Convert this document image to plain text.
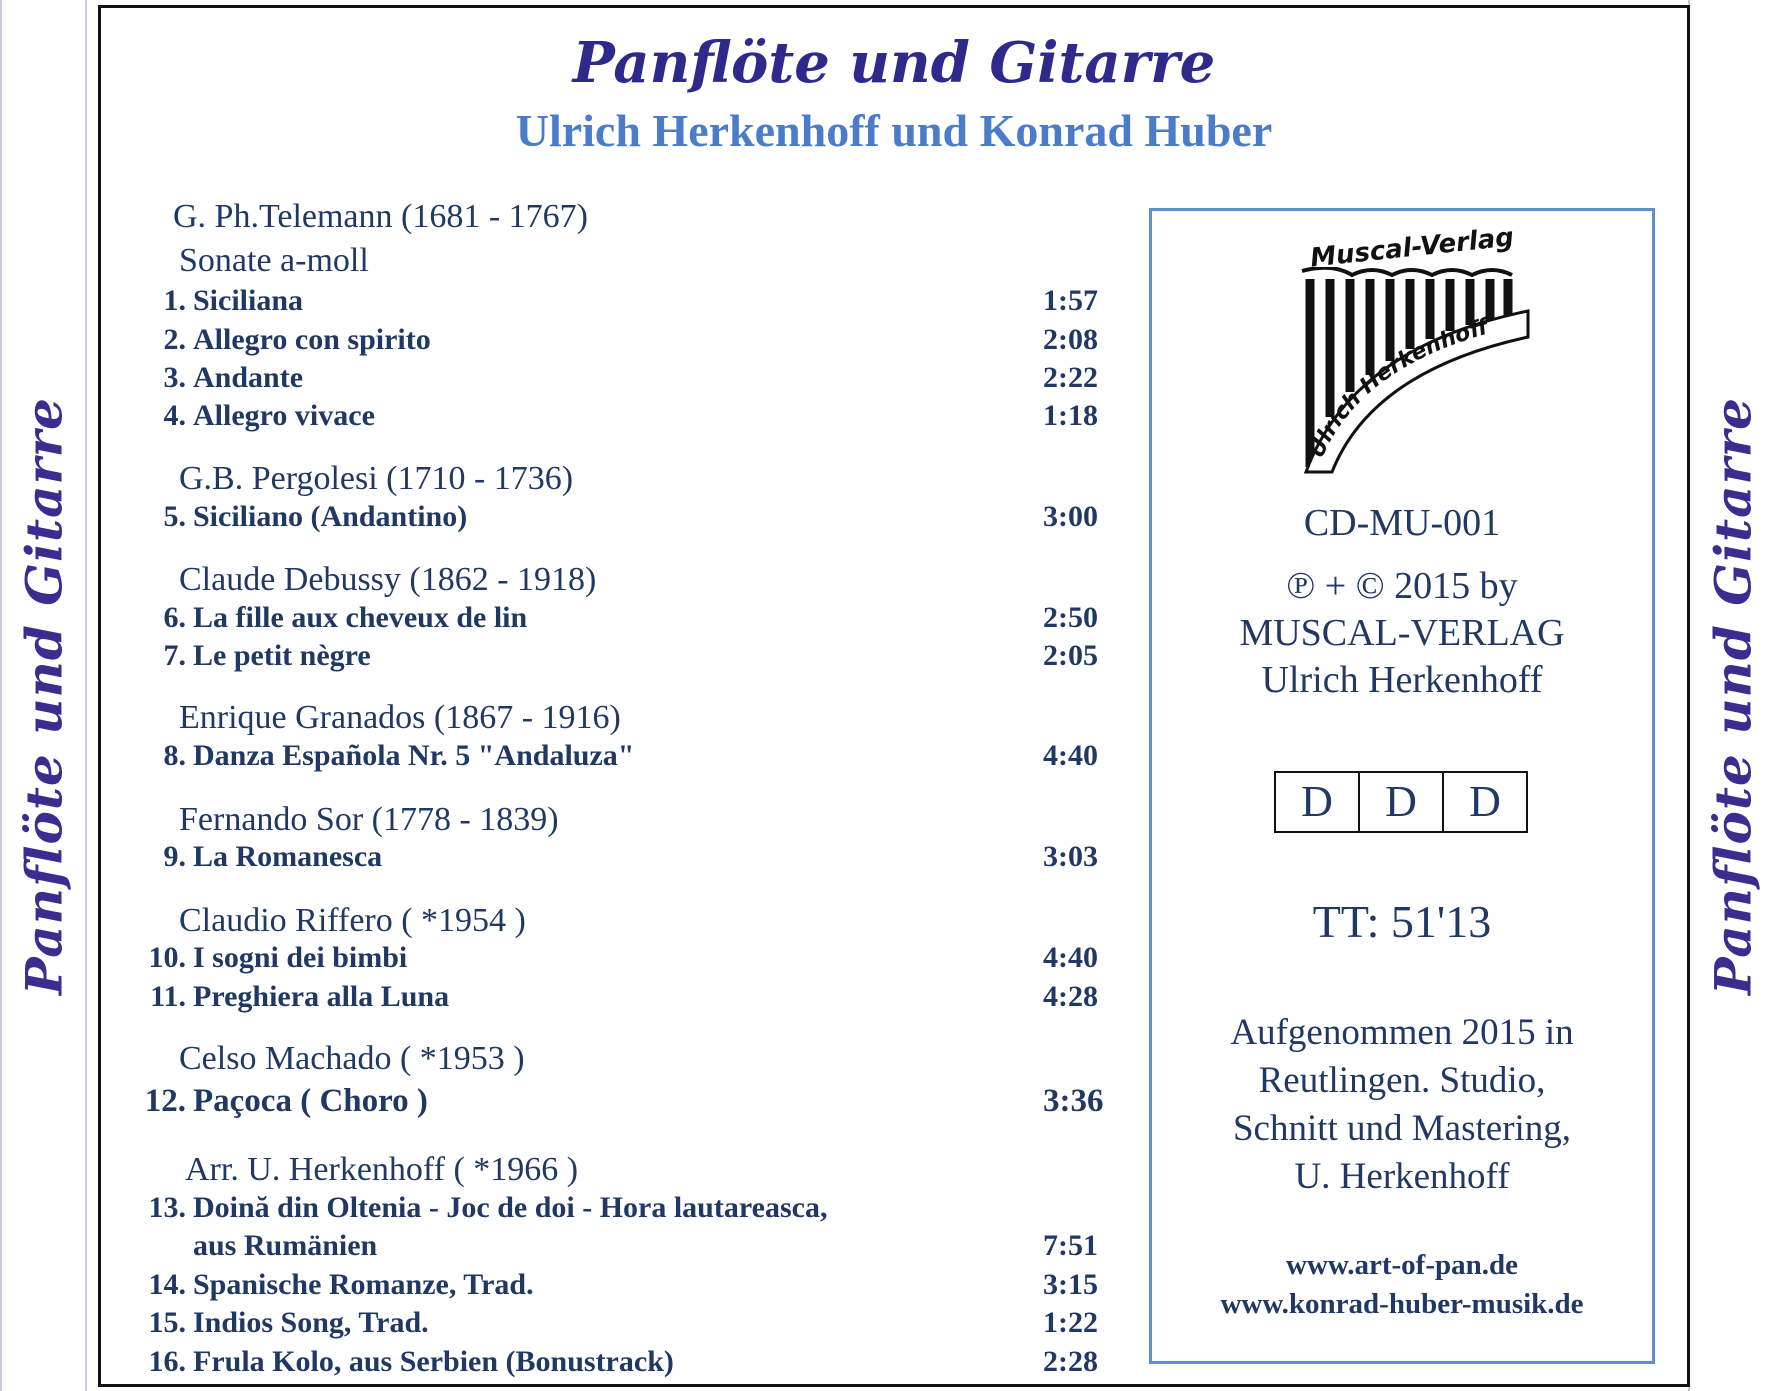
Panflöte und Gitarre	Panflöte und Gitarre
Panflöte und Gitarre
Ulrich Herkenhoff und Konrad Huber
G. Ph.Telemann (1681 - 1767)
Sonate a-moll
G.B. Pergolesi (1710 - 1736)
Claude Debussy (1862 - 1918)
Enrique Granados (1867 - 1916)
Fernando Sor (1778 - 1839)
Claudio Riffero ( *1954 )
Celso Machado ( *1953 )
Arr. U. Herkenhoff ( *1966 )
1. Siciliana	1:57
2. Allegro con spirito	2:08
3. Andante	2:22
4. Allegro vivace	1:18
5. Siciliano (Andantino)	3:00
6. La fille aux cheveux de lin	2:50
7. Le petit nègre	2:05
8. Danza Española Nr. 5 "Andaluza"	4:40
9. La Romanesca	3:03
10. I sogni dei bimbi	4:40
11. Preghiera alla Luna	4:28
12. Paçoca ( Choro )	3:36
13. Doină din Oltenia - Joc de doi - Hora lautareasca,
aus Rumänien	7:51
14. Spanische Romanze, Trad.	3:15
15. Indios Song, Trad.	1:22
16. Frula Kolo, aus Serbien (Bonustrack)	2:28
Muscal-Verlag
Ulrich Herkenhoff
CD-MU-001
℗ + © 2015 by
MUSCAL-VERLAG
Ulrich Herkenhoff
D	D	D
TT: 51'13
Aufgenommen 2015 in
Reutlingen. Studio,
Schnitt und Mastering,
U. Herkenhoff
www.art-of-pan.de
www.konrad-huber-musik.de
